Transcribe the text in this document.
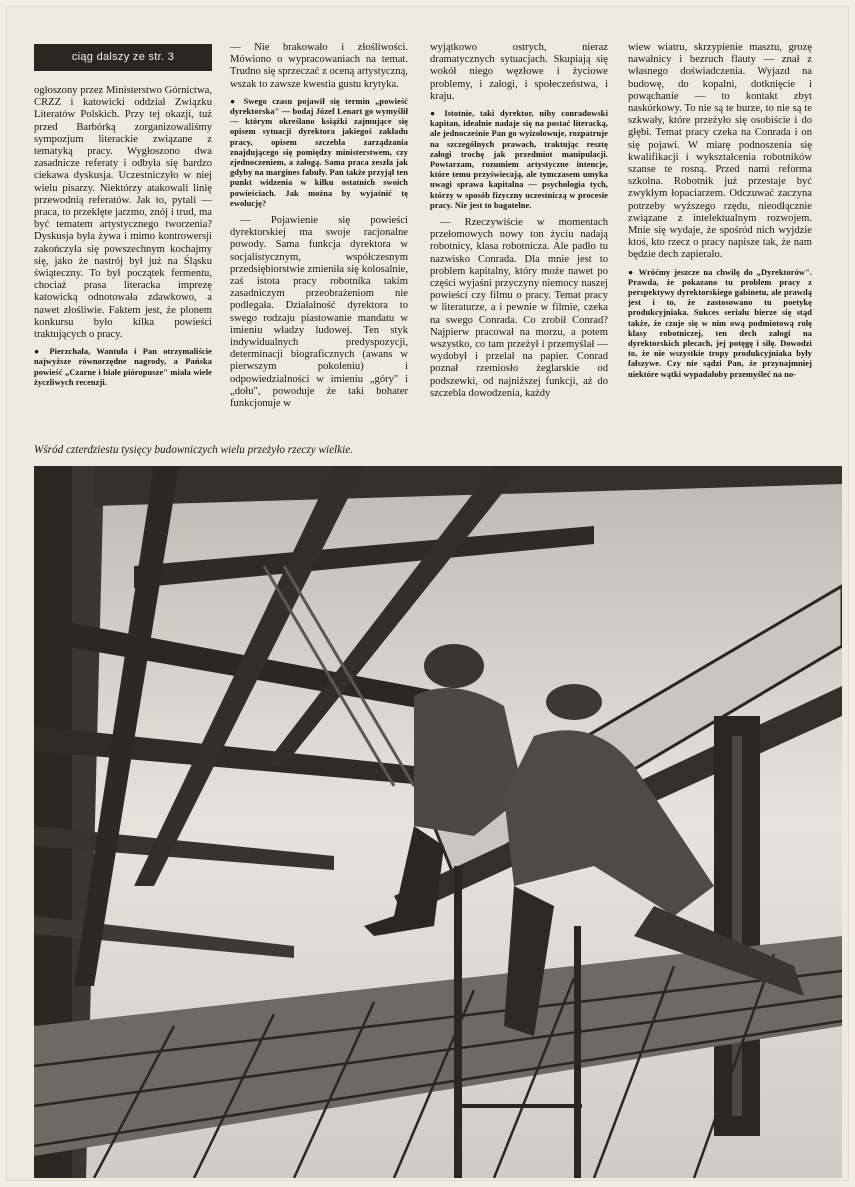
ciąg dalszy ze str. 3

ogłoszony przez Ministerstwo Górnictwa, CRZZ i katowicki oddział Związku Literatów Polskich. Przy tej okazji, tuż przed Barbórką zorganizowaliśmy sympozjum literackie związane z tematyką pracy. Wygłoszono dwa zasadnicze referaty i odbyła się bardzo ciekawa dyskusja. Uczestniczyło w niej wielu pisarzy. Niektórzy atakowali linię przewodnią referatów. Jak to, pytali — praca, to przeklęte jarzmo, znój i trud, ma być tematem artystycznego tworzenia? Dyskusja była żywa i mimo kontrowersji zakończyła się powszechnym kochajmy się, jako że nastrój był już na Śląsku świąteczny. To był początek fermentu, chociaż prasa literacka imprezę katowicką odnotowała zdawkowo, a nawet złośliwie. Faktem jest, że plonem konkursu było kilka powieści traktujących o pracy.

● Pierzchała, Wantuła i Pan otrzymaliście najwyższe równorzędne nagrody, a Pańska powieść „Czarne i białe pióropusze" miała wiele życzliwych recenzji.

— Nie brakowało i złośliwości. Mówiono o wypracowaniach na temat. Trudno się sprzeczać z oceną artystyczną, wszak to zawsze kwestia gustu krytyka.

● Swego czasu pojawił się termin „powieść dyrektorska" — bodaj Józef Lenart go wymyślił — którym określano książki zajmujące się opisem sytuacji dyrektora jakiegoś zakładu pracy, opisem szczebla zarządzania znajdującego się pomiędzy ministerstwem, czy zjednoczeniem, a załogą. Sama praca zeszła jak gdyby na margines fabuły. Pan także przyjął ten punkt widzenia w kilku ostatnich swoich powieściach. Jak można by wyjaśnić tę ewolucję?

— Pojawienie się powieści dyrektorskiej ma swoje racjonalne powody. Sama funkcja dyrektora w socjalistycznym, współczesnym przedsiębiorstwie zmieniła się kolosalnie, zaś istota pracy robotnika takim zasadniczym przeobrażeniom nie podlegała. Działalność dyrektora to swego rodzaju piastowanie mandatu w imieniu władzy ludowej. Ten styk indywidualnych predyspozycji, determinacji biograficznych (awans w pierwszym pokoleniu) i odpowiedzialności w imieniu „góry" i „dołu", powoduje że taki bohater funkcjonuje w

wyjątkowo ostrych, nieraz dramatycznych sytuacjach. Skupiają się wokół niego węzłowe i życiowe problemy, i załogi, i społeczeństwa, i kraju.

● Istotnie, taki dyrektor, niby conradowski kapitan, idealnie nadaje się na postać literacką, ale jednocześnie Pan go wyizolowuje, rozpatruje na szczególnych prawach, traktując resztę załogi trochę jak przedmiot manipulacji. Powtarzam, rozumiem artystyczne intencje, które temu przyświecają, ale tymczasem umyka uwagi sprawa kapitalna — psychologia tych, którzy w sposób fizyczny uczestniczą w procesie pracy. Nie jest to bagatelne.

— Rzeczywiście w momentach przełomowych nowy ton życiu nadają robotnicy, klasa robotnicza. Ale padło tu nazwisko Conrada. Dla mnie jest to problem kapitalny, który może nawet po części wyjaśni przyczyny niemocy naszej powieści czy filmu o pracy. Temat pracy w literaturze, a i pewnie w filmie, czeka na swego Conrada. Co zrobił Conrad? Najpierw pracował na morzu, a potem wszystko, co tam przeżył i przemyślał — wydobył i przelał na papier. Conrad poznał rzemiosło żeglarskie od podszewki, od najniższej funkcji, aż do szczebla dowodzenia, każdy

wiew wiatru, skrzypienie masztu, grozę nawałnicy i bezruch flauty — znał z własnego doświadczenia. Wyjazd na budowę, do kopalni, dotknięcie i powąchanie — to kontakt zbyt naskórkowy. To nie są te burze, to nie są te szkwały, które przeżyło się osobiście i do głębi. Temat pracy czeka na Conrada i on się pojawi. W miarę podnoszenia się kwalifikacji i wykształcenia robotników szanse te rosną. Przed nami reforma szkolna. Robotnik już przestaje być zwykłym łopaciarzem. Odczuwać zaczyna potrzeby wyższego rzędu, nieodłącznie związane z intelektualnym rozwojem. Mnie się wydaje, że spośród nich wyjdzie ktoś, kto rzecz o pracy napisze tak, że nam będzie dech zapierało.

● Wróćmy jeszcze na chwilę do „Dyrektorów". Prawda, że pokazano tu problem pracy z perspektywy dyrektorskiego gabinetu, ale prawdą jest i to, że zastosowano tu poetykę produkcyjniaka. Sukces serialu bierze się stąd także, że czuje się w nim ową podmiotową rolę klasy robotniczej, ten dech załogi na dyrektorskich plecach, jej potęgę i siłę. Dowodzi to, że nie wszystkie tropy produkcyjniaka były fałszywe. Czy nie sądzi Pan, że przynajmniej niektóre wątki wypadałoby przemyśleć na no-

Wśród czterdziestu tysięcy budowniczych wielu przeżyło rzeczy wielkie.
